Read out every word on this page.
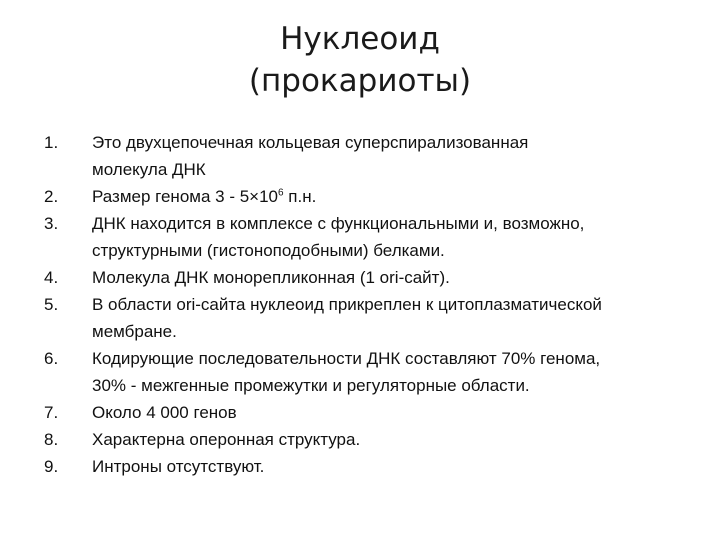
Нуклеоид
(прокариоты)
1.	Это двухцепочечная кольцевая суперспирализованная
молекула ДНК
2.	Размер генома $3 - 5\times 10^6$ п.н.
3.	ДНК находится в комплексе с функциональными и, возможно,
структурными (гистоноподобными) белками.
4.	Молекула ДНК монорепликонная (1 ori-сайт).
5.	В области ori-сайта нуклеоид прикреплен к цитоплазматической
мембране.
6.	Кодирующие последовательности ДНК составляют 70% генома,
30% - межгенные промежутки и регуляторные области.
7.	Около 4 000 генов
8.	Характерна оперонная структура.
9.	Интроны отсутствуют.
